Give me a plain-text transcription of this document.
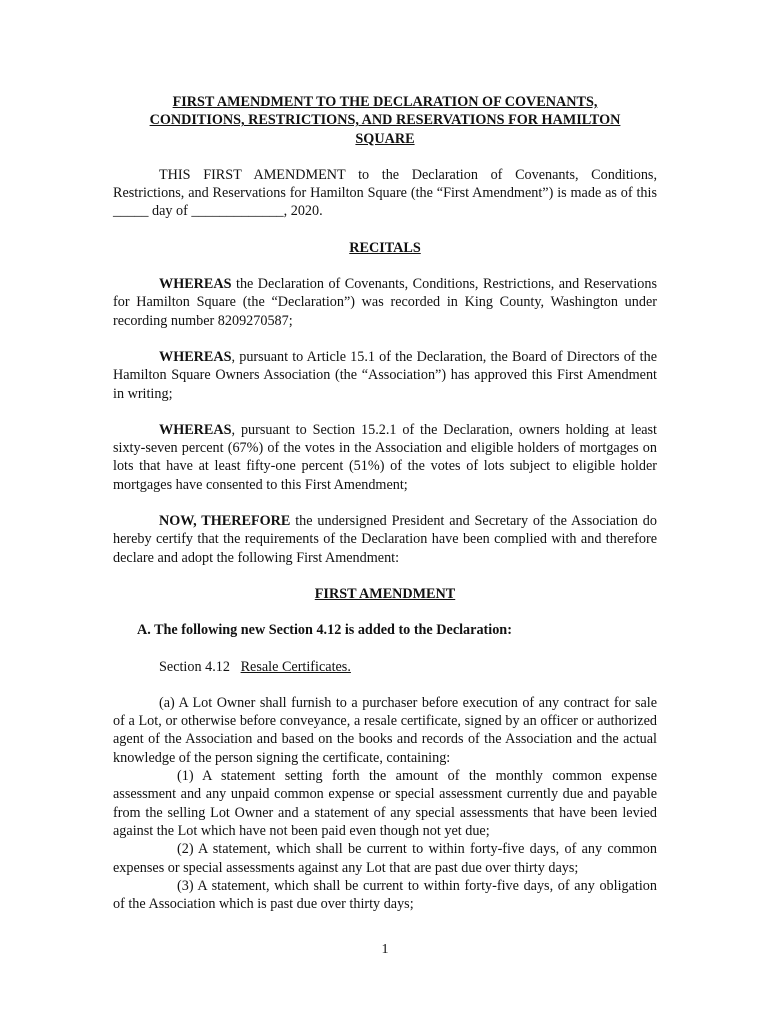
FIRST AMENDMENT TO THE DECLARATION OF COVENANTS,
CONDITIONS, RESTRICTIONS, AND RESERVATIONS FOR HAMILTON
SQUARE

THIS FIRST AMENDMENT to the Declaration of Covenants, Conditions, Restrictions, and Reservations for Hamilton Square (the “First Amendment”) is made as of this _____ day of _____________, 2020.

RECITALS

WHEREAS the Declaration of Covenants, Conditions, Restrictions, and Reservations for Hamilton Square (the “Declaration”) was recorded in King County, Washington under recording number 8209270587;

WHEREAS, pursuant to Article 15.1 of the Declaration, the Board of Directors of the Hamilton Square Owners Association (the “Association”) has approved this First Amendment in writing;

WHEREAS, pursuant to Section 15.2.1 of the Declaration, owners holding at least sixty-seven percent (67%) of the votes in the Association and eligible holders of mortgages on lots that have at least fifty-one percent (51%) of the votes of lots subject to eligible holder mortgages have consented to this First Amendment;

NOW, THEREFORE the undersigned President and Secretary of the Association do hereby certify that the requirements of the Declaration have been complied with and therefore declare and adopt the following First Amendment:

FIRST AMENDMENT

A. The following new Section 4.12 is added to the Declaration:

Section 4.12 Resale Certificates.

(a) A Lot Owner shall furnish to a purchaser before execution of any contract for sale of a Lot, or otherwise before conveyance, a resale certificate, signed by an officer or authorized agent of the Association and based on the books and records of the Association and the actual knowledge of the person signing the certificate, containing:

(1) A statement setting forth the amount of the monthly common expense assessment and any unpaid common expense or special assessment currently due and payable from the selling Lot Owner and a statement of any special assessments that have been levied against the Lot which have not been paid even though not yet due;

(2) A statement, which shall be current to within forty-five days, of any common expenses or special assessments against any Lot that are past due over thirty days;

(3) A statement, which shall be current to within forty-five days, of any obligation of the Association which is past due over thirty days;

1
